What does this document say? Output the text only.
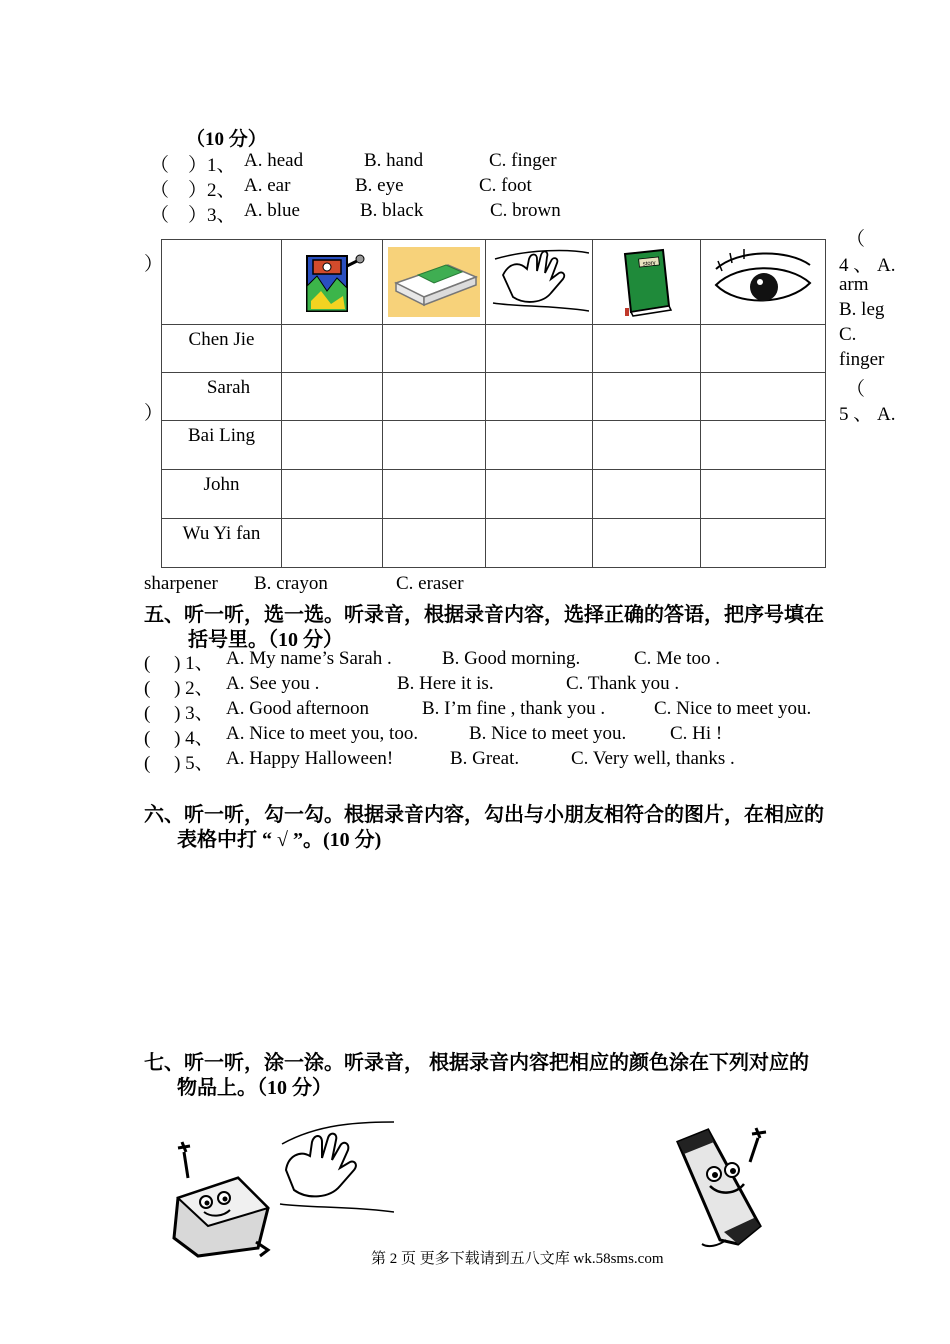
（10 分）
（　）1、 A. head	B. hand	C. finger
（　）2、 A. ear	B. eye	C. foot
（　）3、 A. blue	B. black	C. brown
（
4 、 A.
arm
B. leg
C.
finger
（
5 、 A.
）
）

story

Chen Jie					
Sarah					
Bai Ling					
John					
Wu Yi fan					
sharpener B. crayon	C. eraser
五、听一听，选一选。听录音，根据录音内容，选择正确的答语，把序号填在
括号里。（10 分）
(　 ) 1、 A. My name’s Sarah .	B. Good morning.	C. Me too .
(　 ) 2、 A. See you .	B. Here it is.	C. Thank you .
(　 ) 3、 A. Good afternoon	B. I’m fine , thank you .	C. Nice to meet you.
(　 ) 4、 A. Nice to meet you, too.	B. Nice to meet you. C. Hi !
(　 ) 5、 A. Happy Halloween!	B. Great.	C. Very well, thanks .
六、听一听，勾一勾。根据录音内容，勾出与小朋友相符合的图片，在相应的
表格中打 “ √ ”。(10 分)
七、听一听，涂一涂。听录音， 根据录音内容把相应的颜色涂在下列对应的
物品上。（10 分）
第 2 页 更多下载请到五八文库 wk.58sms.com
